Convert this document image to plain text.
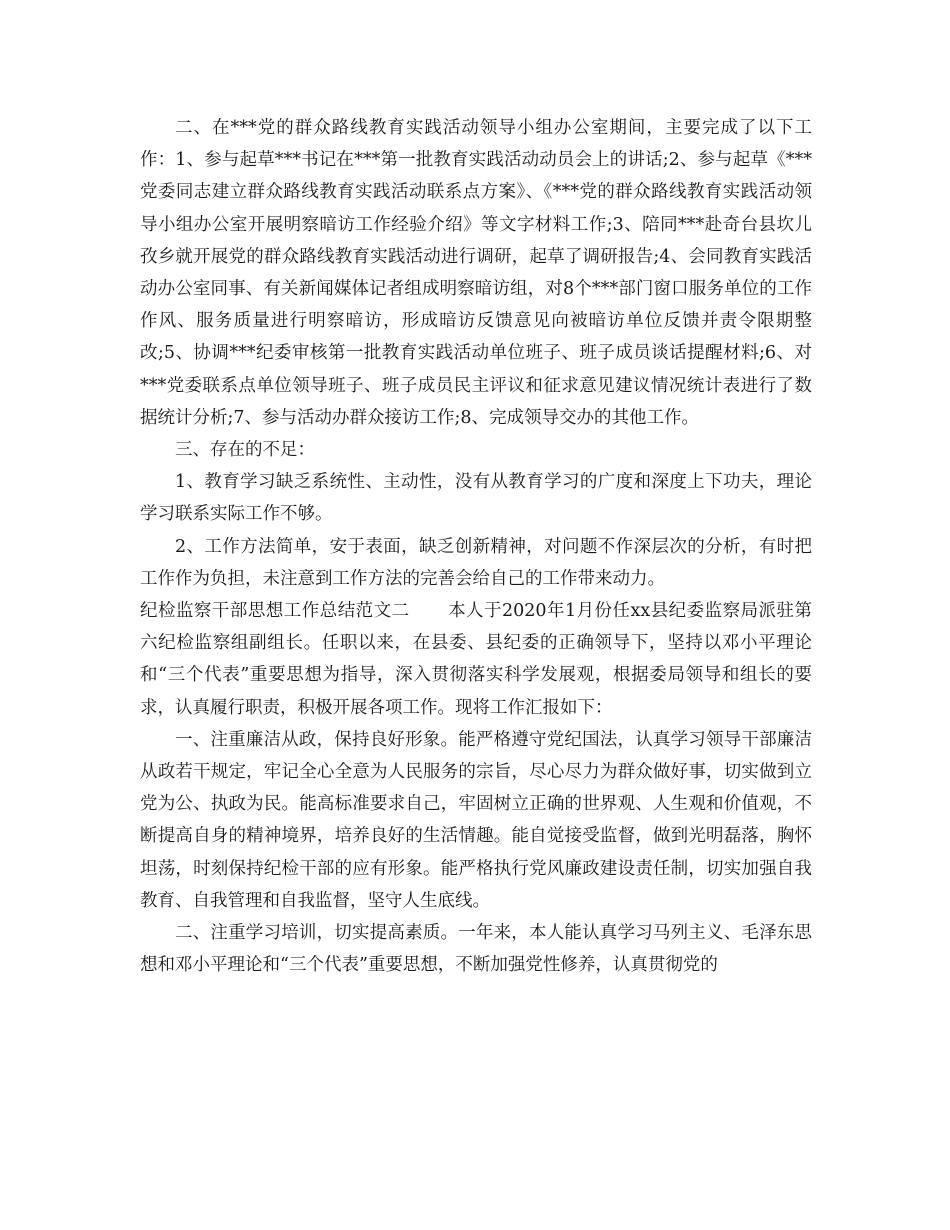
二、在***党的群众路线教育实践活动领导小组办公室期间，主要完成了以下工作：1、参与起草***书记在***第一批教育实践活动动员会上的讲话;2、参与起草《***党委同志建立群众路线教育实践活动联系点方案》、《***党的群众路线教育实践活动领导小组办公室开展明察暗访工作经验介绍》等文字材料工作;3、陪同***赴奇台县坎儿孜乡就开展党的群众路线教育实践活动进行调研，起草了调研报告;4、会同教育实践活动办公室同事、有关新闻媒体记者组成明察暗访组，对8个***部门窗口服务单位的工作作风、服务质量进行明察暗访，形成暗访反馈意见向被暗访单位反馈并责令限期整改;5、协调***纪委审核第一批教育实践活动单位班子、班子成员谈话提醒材料;6、对***党委联系点单位领导班子、班子成员民主评议和征求意见建议情况统计表进行了数据统计分析;7、参与活动办群众接访工作;8、完成领导交办的其他工作。

三、存在的不足：

1、教育学习缺乏系统性、主动性，没有从教育学习的广度和深度上下功夫，理论学习联系实际工作不够。

2、工作方法简单，安于表面，缺乏创新精神，对问题不作深层次的分析，有时把工作作为负担，未注意到工作方法的完善会给自己的工作带来动力。

纪检监察干部思想工作总结范文二 本人于2020年1月份任xx县纪委监察局派驻第六纪检监察组副组长。任职以来，在县委、县纪委的正确领导下，坚持以邓小平理论和“三个代表”重要思想为指导，深入贯彻落实科学发展观，根据委局领导和组长的要求，认真履行职责，积极开展各项工作。现将工作汇报如下：

一、注重廉洁从政，保持良好形象。能严格遵守党纪国法，认真学习领导干部廉洁从政若干规定，牢记全心全意为人民服务的宗旨，尽心尽力为群众做好事，切实做到立党为公、执政为民。能高标准要求自己，牢固树立正确的世界观、人生观和价值观，不断提高自身的精神境界，培养良好的生活情趣。能自觉接受监督，做到光明磊落，胸怀坦荡，时刻保持纪检干部的应有形象。能严格执行党风廉政建设责任制，切实加强自我教育、自我管理和自我监督，坚守人生底线。

二、注重学习培训，切实提高素质。一年来，本人能认真学习马列主义、毛泽东思想和邓小平理论和“三个代表”重要思想，不断加强党性修养，认真贯彻党的
